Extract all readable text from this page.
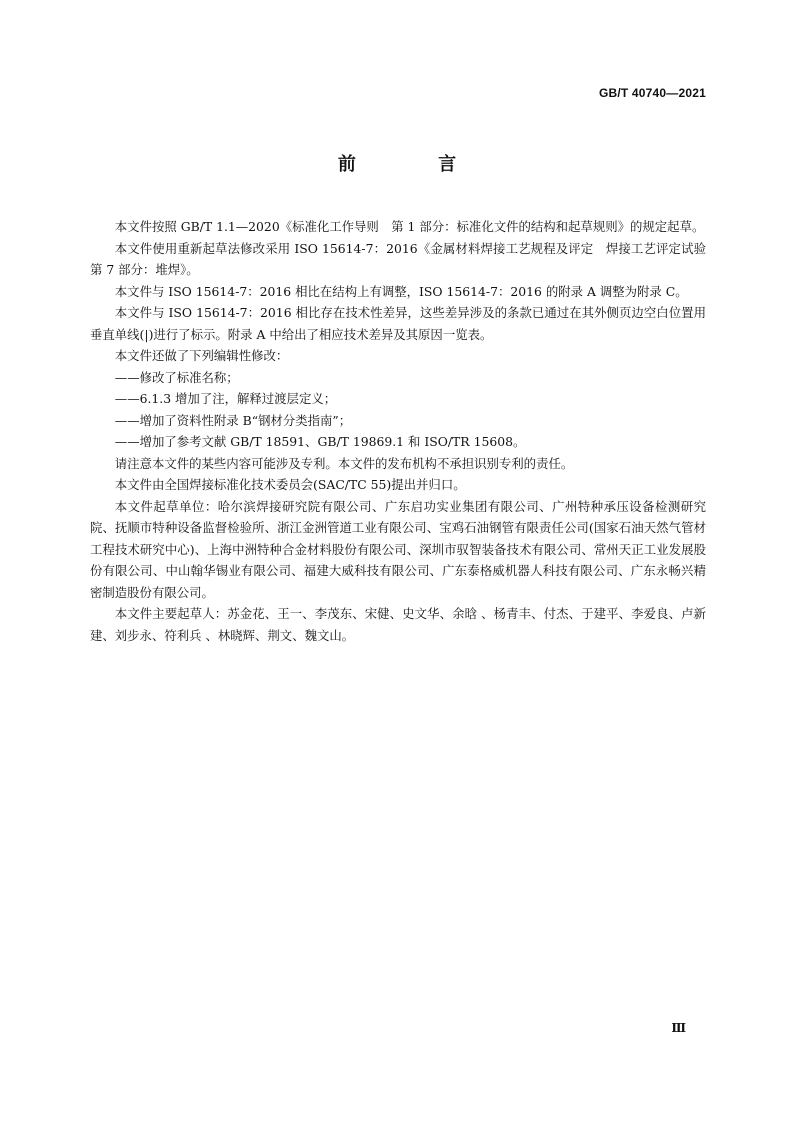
GB/T 40740—2021
前 言

本文件按照 GB/T 1.1—2020《标准化工作导则　第 1 部分：标准化文件的结构和起草规则》的规定起草。

本文件使用重新起草法修改采用 ISO 15614-7：2016《金属材料焊接工艺规程及评定　焊接工艺评定试验　第 7 部分：堆焊》。

本文件与 ISO 15614-7：2016 相比在结构上有调整，ISO 15614-7：2016 的附录 A 调整为附录 C。

本文件与 ISO 15614-7：2016 相比存在技术性差异，这些差异涉及的条款已通过在其外侧页边空白位置用垂直单线(|)进行了标示。附录 A 中给出了相应技术差异及其原因一览表。

本文件还做了下列编辑性修改：

——修改了标准名称；

——6.1.3 增加了注，解释过渡层定义；

——增加了资料性附录 B“钢材分类指南”；

——增加了参考文献 GB/T 18591、GB/T 19869.1 和 ISO/TR 15608。

请注意本文件的某些内容可能涉及专利。本文件的发布机构不承担识别专利的责任。

本文件由全国焊接标准化技术委员会(SAC/TC 55)提出并归口。

本文件起草单位：哈尔滨焊接研究院有限公司、广东启功实业集团有限公司、广州特种承压设备检测研究院、抚顺市特种设备监督检验所、浙江金洲管道工业有限公司、宝鸡石油钢管有限责任公司(国家石油天然气管材工程技术研究中心)、上海中洲特种合金材料股份有限公司、深圳市驭智装备技术有限公司、常州天正工业发展股份有限公司、中山翰华锡业有限公司、福建大威科技有限公司、广东泰格威机器人科技有限公司、广东永畅兴精密制造股份有限公司。

本文件主要起草人：苏金花、王一、李茂东、宋健、史文华、余晗 、杨青丰、付杰、于建平、李爱良、卢新建、刘步永、符利兵 、林晓辉、荆文、魏文山。

Ⅲ
